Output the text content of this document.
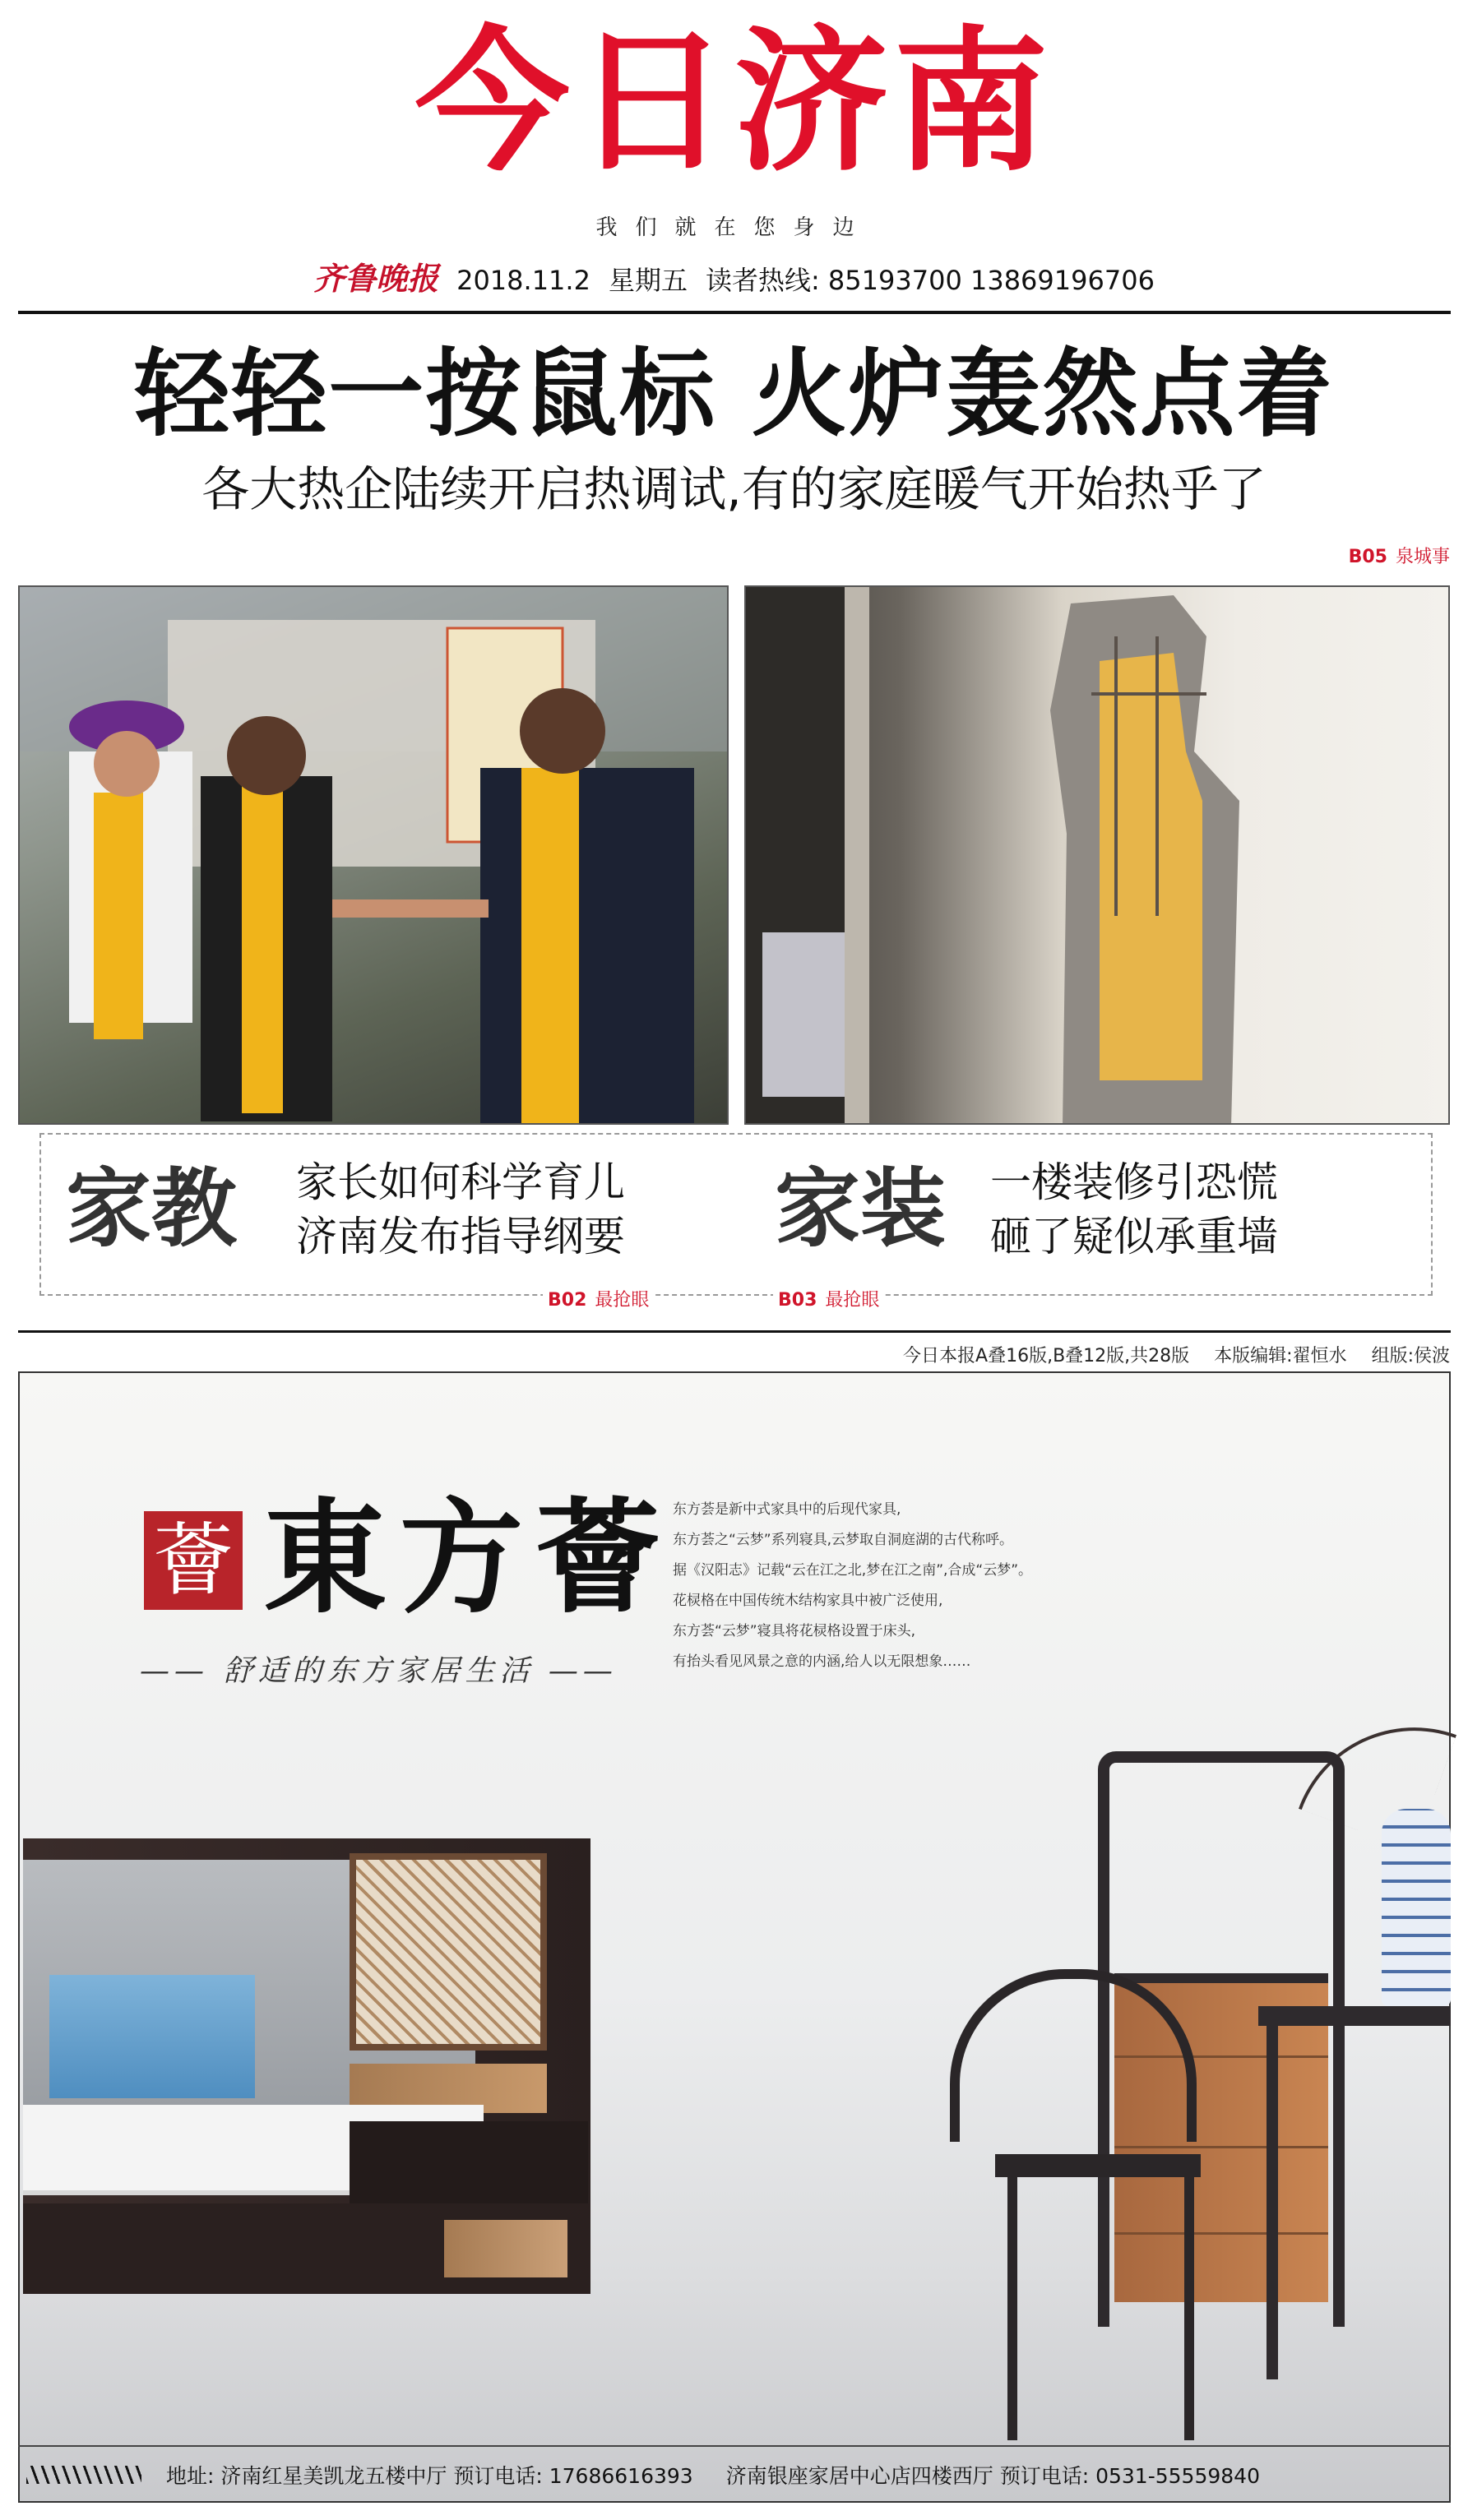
今日济南
我们就在您身边
齐鲁晚报 2018.11.2 星期五 读者热线: 85193700 13869196706
轻轻一按鼠标 火炉轰然点着
各大热企陆续开启热调试,有的家庭暖气开始热乎了
B05 泉城事
家教 家长如何科学育儿
济南发布指导纲要
B02 最抢眼
家装 一楼装修引恐慌
砸了疑似承重墙
B03 最抢眼
今日本报A叠16版,B叠12版,共28版 本版编辑:翟恒水 组版:侯波
薈 東方薈
—— 舒适的东方家居生活 ——
东方荟是新中式家具中的后现代家具,
东方荟之“云梦”系列寝具,云梦取自洞庭湖的古代称呼。
据《汉阳志》记载“云在江之北,梦在江之南”,合成“云梦”。
花棂格在中国传统木结构家具中被广泛使用,
东方荟“云梦”寝具将花棂格设置于床头,
有抬头看见风景之意的内涵,给人以无限想象……
地址: 济南红星美凯龙五楼中厅 预订电话: 17686616393 济南银座家居中心店四楼西厅 预订电话: 0531-55559840
